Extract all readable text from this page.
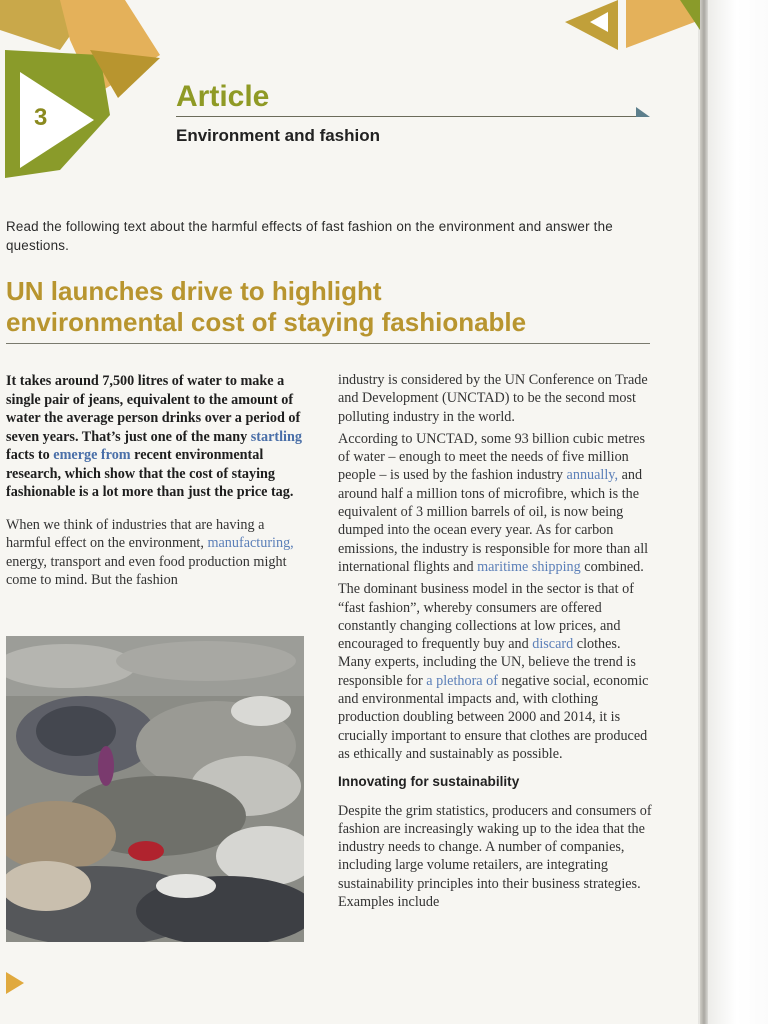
3
Article
Environment and fashion
Read the following text about the harmful effects of fast fashion on the environment and answer the questions.
UN launches drive to highlight
environmental cost of staying fashionable

It takes around 7,500 litres of water to make a single pair of jeans, equivalent to the amount of water the average person drinks over a period of seven years. That’s just one of the many startling facts to emerge from recent environmental research, which show that the cost of staying fashionable is a lot more than just the price tag.

When we think of industries that are having a harmful effect on the environment, manufacturing, energy, transport and even food production might come to mind. But the fashion

industry is considered by the UN Conference on Trade and Development (UNCTAD) to be the second most polluting industry in the world.

According to UNCTAD, some 93 billion cubic metres of water – enough to meet the needs of five million people – is used by the fashion industry annually, and around half a million tons of microfibre, which is the equivalent of 3 million barrels of oil, is now being dumped into the ocean every year. As for carbon emissions, the industry is responsible for more than all international flights and maritime shipping combined.

The dominant business model in the sector is that of “fast fashion”, whereby consumers are offered constantly changing collections at low prices, and encouraged to frequently buy and discard clothes. Many experts, including the UN, believe the trend is responsible for a plethora of negative social, economic and environmental impacts and, with clothing production doubling between 2000 and 2014, it is crucially important to ensure that clothes are produced as ethically and sustainably as possible.

Innovating for sustainability

Despite the grim statistics, producers and consumers of fashion are increasingly waking up to the idea that the industry needs to change. A number of companies, including large volume retailers, are integrating sustainability principles into their business strategies. Examples include
